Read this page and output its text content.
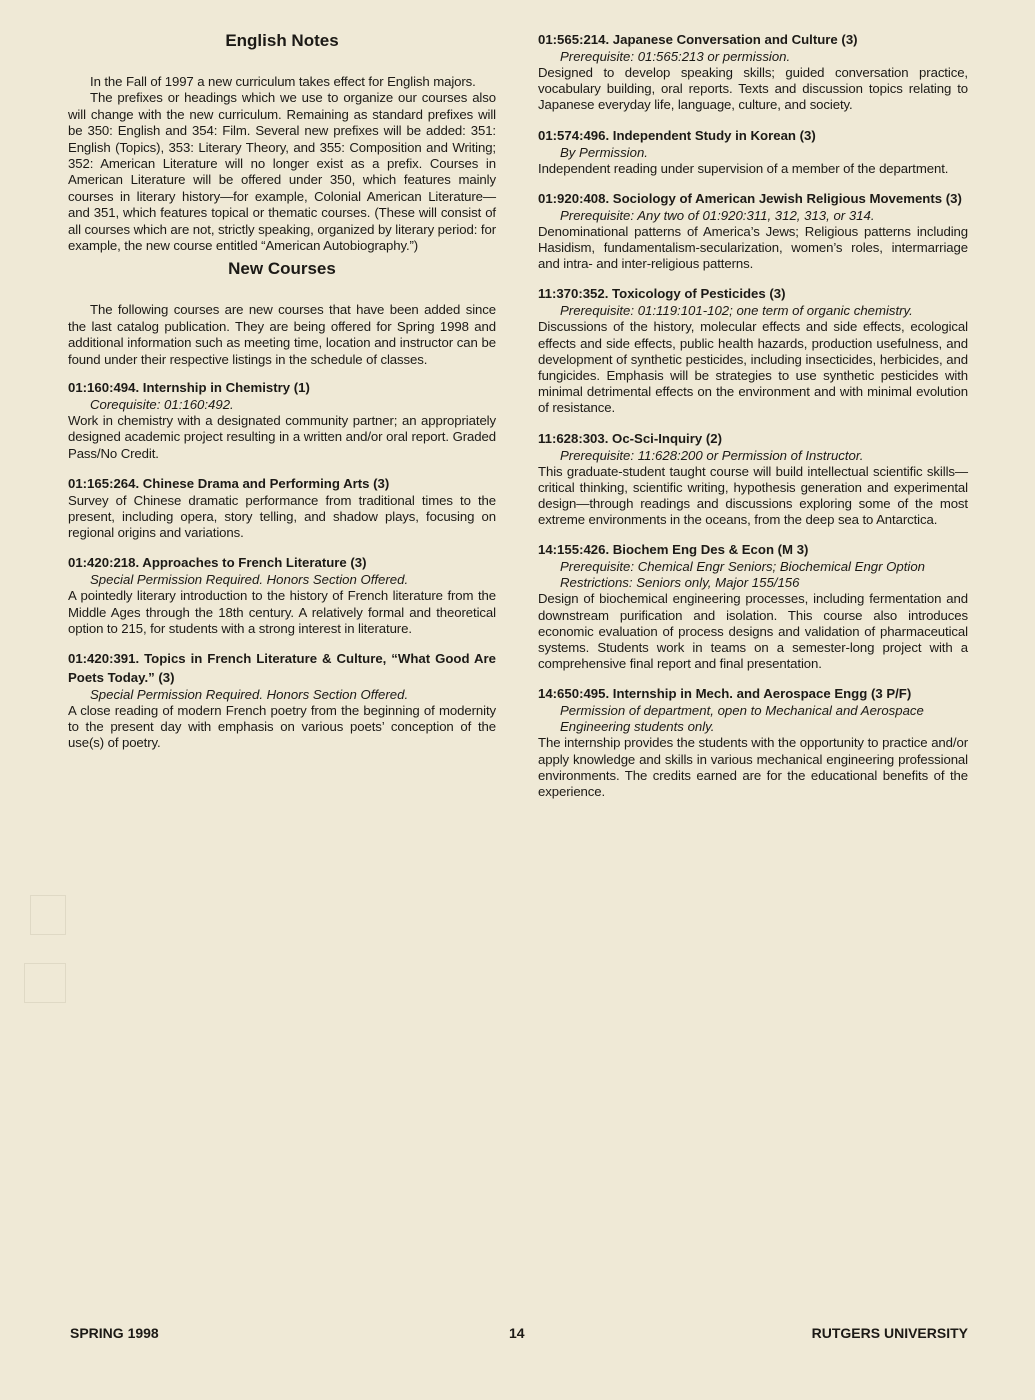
English Notes

In the Fall of 1997 a new curriculum takes effect for English majors.

The prefixes or headings which we use to organize our courses also will change with the new curriculum. Remaining as standard prefixes will be 350: English and 354: Film. Several new prefixes will be added: 351: English (Topics), 353: Literary Theory, and 355: Composition and Writing; 352: American Literature will no longer exist as a prefix. Courses in American Literature will be offered under 350, which features mainly courses in literary history—for example, Colonial American Literature—and 351, which features topical or thematic courses. (These will consist of all courses which are not, strictly speaking, organized by literary period: for example, the new course entitled “American Autobiography.”)

New Courses

The following courses are new courses that have been added since the last catalog publication. They are being offered for Spring 1998 and additional information such as meeting time, location and instructor can be found under their respective listings in the schedule of classes.

01:160:494. Internship in Chemistry (1)

Corequisite: 01:160:492.

Work in chemistry with a designated community partner; an appropriately designed academic project resulting in a written and/or oral report. Graded Pass/No Credit.

01:165:264. Chinese Drama and Performing Arts (3)

Survey of Chinese dramatic performance from traditional times to the present, including opera, story telling, and shadow plays, focusing on regional origins and variations.

01:420:218. Approaches to French Literature (3)

Special Permission Required. Honors Section Offered.

A pointedly literary introduction to the history of French literature from the Middle Ages through the 18th century. A relatively formal and theoretical option to 215, for students with a strong interest in literature.

01:420:391. Topics in French Literature & Culture, “What Good Are Poets Today.” (3)

Special Permission Required. Honors Section Offered.

A close reading of modern French poetry from the beginning of modernity to the present day with emphasis on various poets’ conception of the use(s) of poetry.

01:565:214. Japanese Conversation and Culture (3)

Prerequisite: 01:565:213 or permission.

Designed to develop speaking skills; guided conversation practice, vocabulary building, oral reports. Texts and discussion topics relating to Japanese everyday life, language, culture, and society.

01:574:496. Independent Study in Korean (3)

By Permission.

Independent reading under supervision of a member of the department.

01:920:408. Sociology of American Jewish Religious Movements (3)

Prerequisite: Any two of 01:920:311, 312, 313, or 314.

Denominational patterns of America’s Jews; Religious patterns including Hasidism, fundamentalism-secularization, women’s roles, intermarriage and intra- and inter-religious patterns.

11:370:352. Toxicology of Pesticides (3)

Prerequisite: 01:119:101-102; one term of organic chemistry.

Discussions of the history, molecular effects and side effects, ecological effects and side effects, public health hazards, production usefulness, and development of synthetic pesticides, including insecticides, herbicides, and fungicides. Emphasis will be strategies to use synthetic pesticides with minimal detrimental effects on the environment and with minimal evolution of resistance.

11:628:303. Oc-Sci-Inquiry (2)

Prerequisite: 11:628:200 or Permission of Instructor.

This graduate-student taught course will build intellectual scientific skills—critical thinking, scientific writing, hypothesis generation and experimental design—through readings and discussions exploring some of the most extreme environments in the oceans, from the deep sea to Antarctica.

14:155:426. Biochem Eng Des & Econ (M 3)

Prerequisite: Chemical Engr Seniors; Biochemical Engr Option Restrictions: Seniors only, Major 155/156

Design of biochemical engineering processes, including fermentation and downstream purification and isolation. This course also introduces economic evaluation of process designs and validation of pharmaceutical systems. Students work in teams on a semester-long project with a comprehensive final report and final presentation.

14:650:495. Internship in Mech. and Aerospace Engg (3 P/F)

Permission of department, open to Mechanical and Aerospace Engineering students only.

The internship provides the students with the opportunity to practice and/or apply knowledge and skills in various mechanical engineering professional environments. The credits earned are for the educational benefits of the experience.

SPRING 1998	14	RUTGERS UNIVERSITY
